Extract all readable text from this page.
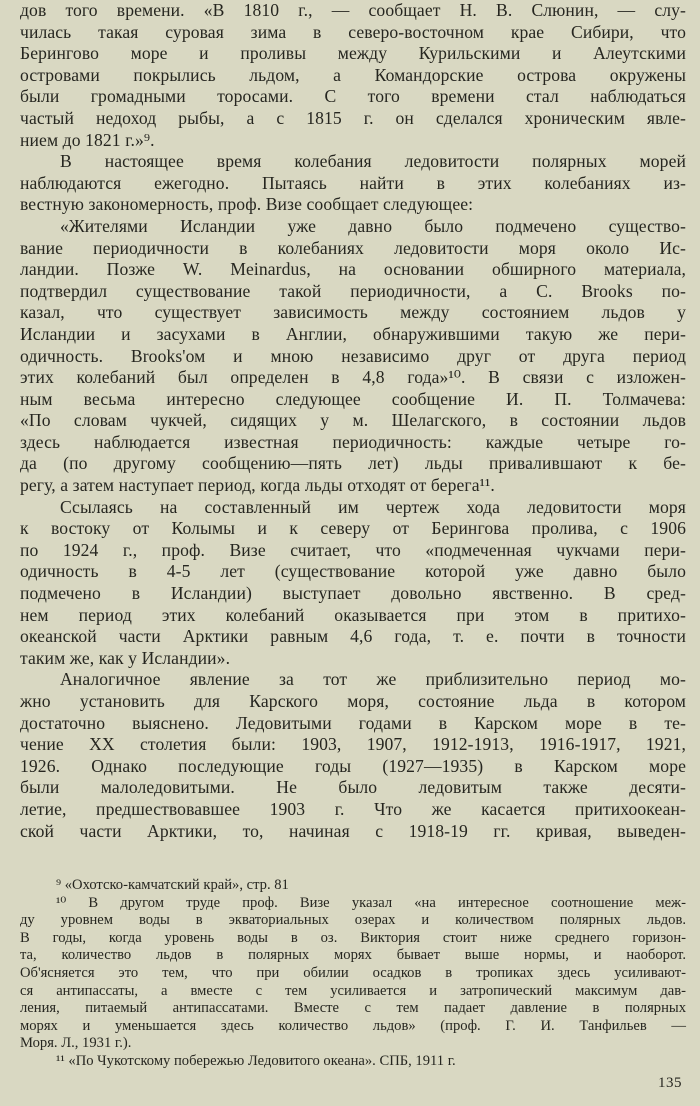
дов того времени. «В 1810 г., — сообщает Н. В. Слюнин, — слу-
чилась такая суровая зима в северо-восточном крае Сибири, что
Берингово море и проливы между Курильскими и Алеутскими
островами покрылись льдом, а Командорские острова окружены
были громадными торосами. С того времени стал наблюдаться
частый недоход рыбы, а с 1815 г. он сделался хроническим явле-
нием до 1821 г.»⁹.
В настоящее время колебания ледовитости полярных морей
наблюдаются ежегодно. Пытаясь найти в этих колебаниях из-
вестную закономерность, проф. Визе сообщает следующее:
«Жителями Исландии уже давно было подмечено существо-
вание периодичности в колебаниях ледовитости моря около Ис-
ландии. Позже W. Meinardus, на основании обширного материала,
подтвердил существование такой периодичности, а C. Brooks по-
казал, что существует зависимость между состоянием льдов у
Исландии и засухами в Англии, обнаружившими такую же пери-
одичность. Brooks'ом и мною независимо друг от друга период
этих колебаний был определен в 4,8 года»¹⁰. В связи с изложен-
ным весьма интересно следующее сообщение И. П. Толмачева:
«По словам чукчей, сидящих у м. Шелагского, в состоянии льдов
здесь наблюдается известная периодичность: каждые четыре го-
да (по другому сообщению—пять лет) льды привалившают к бе-
регу, а затем наступает период, когда льды отходят от берега¹¹.
Ссылаясь на составленный им чертеж хода ледовитости моря
к востоку от Колымы и к северу от Берингова пролива, с 1906
по 1924 г., проф. Визе считает, что «подмеченная чукчами пери-
одичность в 4-5 лет (существование которой уже давно было
подмечено в Исландии) выступает довольно явственно. В сред-
нем период этих колебаний оказывается при этом в притихо-
океанской части Арктики равным 4,6 года, т. е. почти в точности
таким же, как у Исландии».
Аналогичное явление за тот же приблизительно период мо-
жно установить для Карского моря, состояние льда в котором
достаточно выяснено. Ледовитыми годами в Карском море в те-
чение XX столетия были: 1903, 1907, 1912-1913, 1916-1917, 1921,
1926. Однако последующие годы (1927—1935) в Карском море
были малоледовитыми. Не было ледовитым также десяти-
летие, предшествовавшее 1903 г. Что же касается притихоокеан-
ской части Арктики, то, начиная с 1918-19 гг. кривая, выведен-
⁹ «Охотско-камчатский край», стр. 81
¹⁰ В другом труде проф. Визе указал «на интересное соотношение меж-
ду уровнем воды в экваториальных озерах и количеством полярных льдов.
В годы, когда уровень воды в оз. Виктория стоит ниже среднего горизон-
та, количество льдов в полярных морях бывает выше нормы, и наоборот.
Об'ясняется это тем, что при обилии осадков в тропиках здесь усиливают-
ся антипассаты, а вместе с тем усиливается и затропический максимум дав-
ления, питаемый антипассатами. Вместе с тем падает давление в полярных
морях и уменьшается здесь количество льдов» (проф. Г. И. Танфильев —
Моря. Л., 1931 г.).
¹¹ «По Чукотскому побережью Ледовитого океана». СПБ, 1911 г.
135
